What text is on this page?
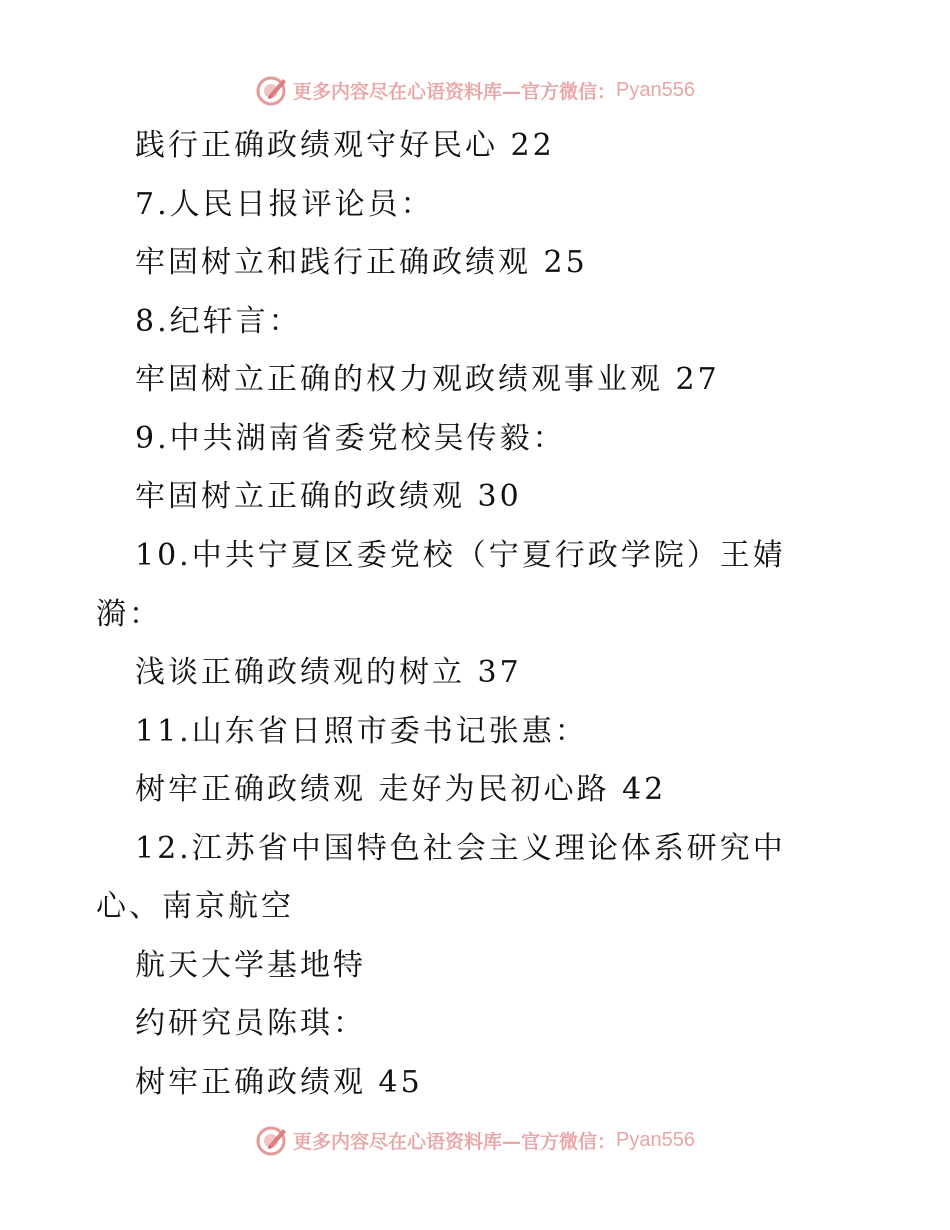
更多内容尽在心语资料库—官方微信： Pyan556
践行正确政绩观守好民心 22
7.人民日报评论员：
牢固树立和践行正确政绩观 25
8.纪轩言：
牢固树立正确的权力观政绩观事业观 27
9.中共湖南省委党校吴传毅：
牢固树立正确的政绩观 30
10.中共宁夏区委党校（宁夏行政学院）王婧
漪：
浅谈正确政绩观的树立 37
11.山东省日照市委书记张惠：
树牢正确政绩观 走好为民初心路 42
12.江苏省中国特色社会主义理论体系研究中
心、南京航空
航天大学基地特
约研究员陈琪：
树牢正确政绩观 45
更多内容尽在心语资料库—官方微信： Pyan556
